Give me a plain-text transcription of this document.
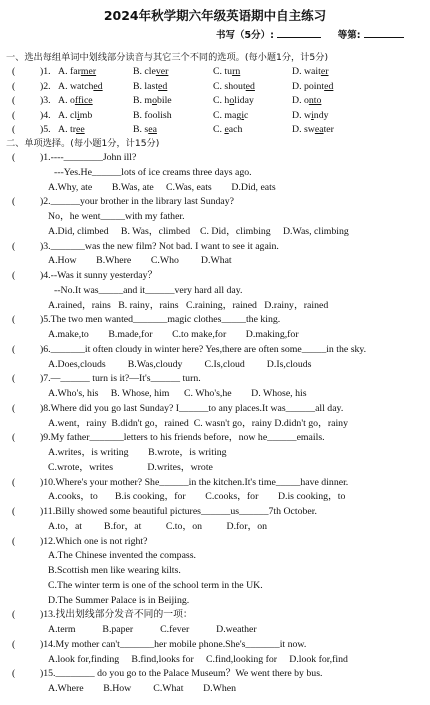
2024年秋学期六年级英语期中自主练习
书写（5分）:	等第:
一、选出每组单词中划线部分读音与其它三个不同的选项。(每小题1分，计5分)
(	)1. A. farmer	B. clever	C. turn	D. waiter
(	)2. A. watched	B. lasted	C. shouted	D. pointed
(	)3. A. office	B. mobile	C. holiday	D. onto
(	)4. A. climb	B. foolish	C. magic	D. windy
(	)5. A. tree	B. sea	C. each	D. sweater
二、单项选择。(每小题1分，计15分)
(	)1.----________John ill?
---Yes.He______lots of ice creams three days ago.
A.Why, ate        B.Was, ate     C.Was, eats        D.Did, eats
(	)2.______your brother in the library last Sunday?
No，he went_____with my father.
A.Did, climbed     B. Was，climbed    C. Did，climbing     D.Was, climbing
(	)3._______was the new film? Not bad. I want to see it again.
A.How        B.Where        C.Who         D.What
(	)4.--Was it sunny yesterday？
--No.It was_____and it______very hard all day.
A.rained，rains   B. rainy，rains   C.raining，rained   D.rainy，rained
(	)5.The two men wanted_______magic clothes_____the king.
A.make,to        B.made,for        C.to make,for        D.making,for
(	)6._______it often cloudy in winter here? Yes,there are often some_____in the sky.
A.Does,clouds         B.Was,cloudy         C.Is,cloud         D.Is,clouds
(	)7.—______ turn is it?—It's______ turn.
A.Who's, his     B. Whose, him      C. Who's,he        D. Whose, his
(	)8.Where did you go last Sunday? I______to any places.It was______all day.
A.went，rainy  B.didn't go，rained  C. wasn't go，rainy D.didn't go，rainy
(	)9.My father_______letters to his friends before，now he______emails.
A.writes，is writing        B.wrote，is writing
C.wrote，writes              D.writes，wrote
(	)10.Where's your mother? She______in the kitchen.It's time_____have dinner.
A.cooks，to       B.is cooking，for        C.cooks，for        D.is cooking，to
(	)11.Billy showed some beautiful pictures______us______7th October.
A.to，at         B.for，at          C.to，on          D.for，on
(	)12.Which one is not right?
A.The Chinese invented the compass.
B.Scottish men like wearing kilts.
C.The winter term is one of the school term in the UK.
D.The Summer Palace is in Beijing.
(	)13.找出划线部分发音不同的一项：
A.term           B.paper           C.fever           D.weather
(	)14.My mother can't_______her mobile phone.She's_______it now.
A.look for,finding     B.find,looks for     C.find,looking for     D.look for,find
(	)15.________ do you go to the Palace Museum？We went there by bus.
A.Where        B.How         C.What        D.When
